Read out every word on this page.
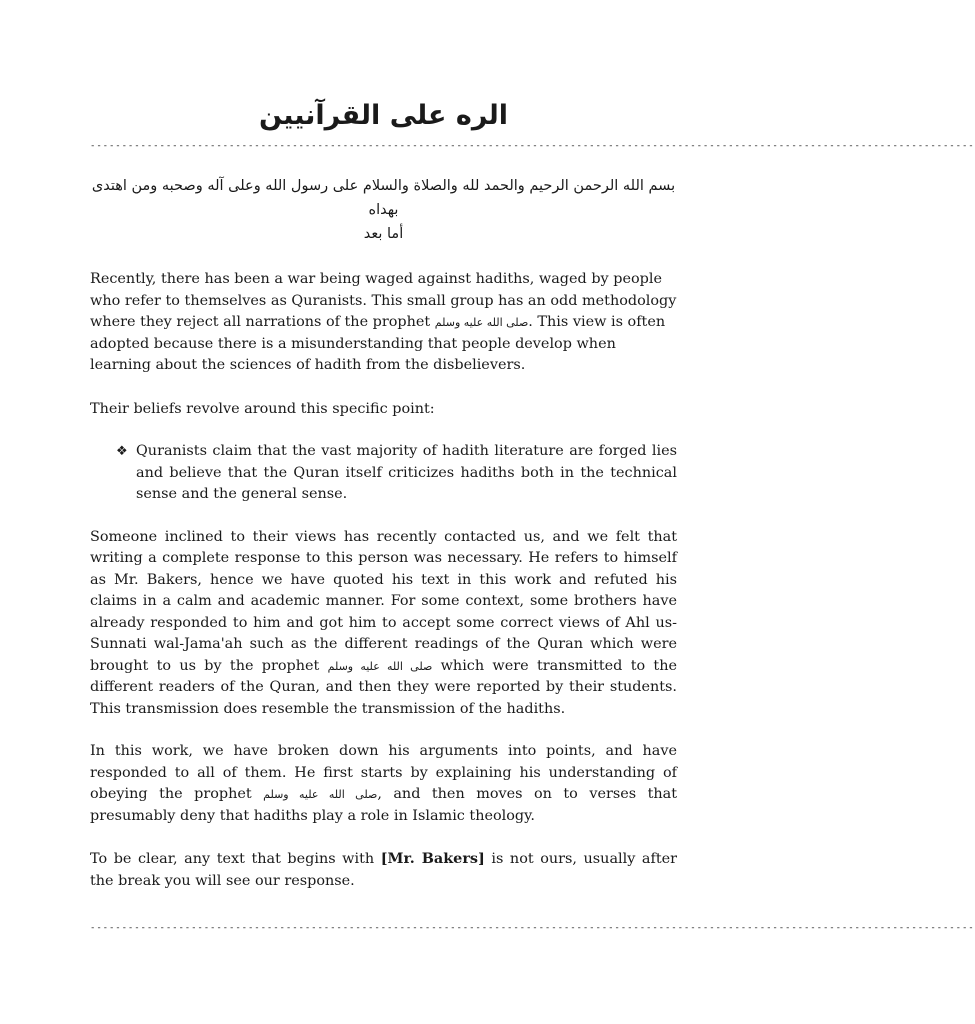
الره على القرآنيين
--------------------------------------------------------------------------------------------------------------------------------------------
بسم الله الرحمن الرحيم والحمد لله والصلاة والسلام على رسول الله وعلى آله وصحبه ومن اهتدى بهداه
أما بعد

Recently, there has been a war being waged against hadiths, waged by people who refer to themselves as Quranists. This small group has an odd methodology where they reject all narrations of the prophet صلى الله عليه وسلم. This view is often adopted because there is a misunderstanding that people develop when learning about the sciences of hadith from the disbelievers.

Their beliefs revolve around this specific point:

❖ Quranists claim that the vast majority of hadith literature are forged lies and believe that the Quran itself criticizes hadiths both in the technical sense and the general sense.

Someone inclined to their views has recently contacted us, and we felt that writing a complete response to this person was necessary. He refers to himself as Mr. Bakers, hence we have quoted his text in this work and refuted his claims in a calm and academic manner. For some context, some brothers have already responded to him and got him to accept some correct views of Ahl us-Sunnati wal-Jama'ah such as the different readings of the Quran which were brought to us by the prophet صلى الله عليه وسلم which were transmitted to the different readers of the Quran, and then they were reported by their students. This transmission does resemble the transmission of the hadiths.

In this work, we have broken down his arguments into points, and have responded to all of them. He first starts by explaining his understanding of obeying the prophet صلى الله عليه وسلم, and then moves on to verses that presumably deny that hadiths play a role in Islamic theology.

To be clear, any text that begins with [Mr. Bakers] is not ours, usually after the break you will see our response.

--------------------------------------------------------------------------------------------------------------------------------------------
